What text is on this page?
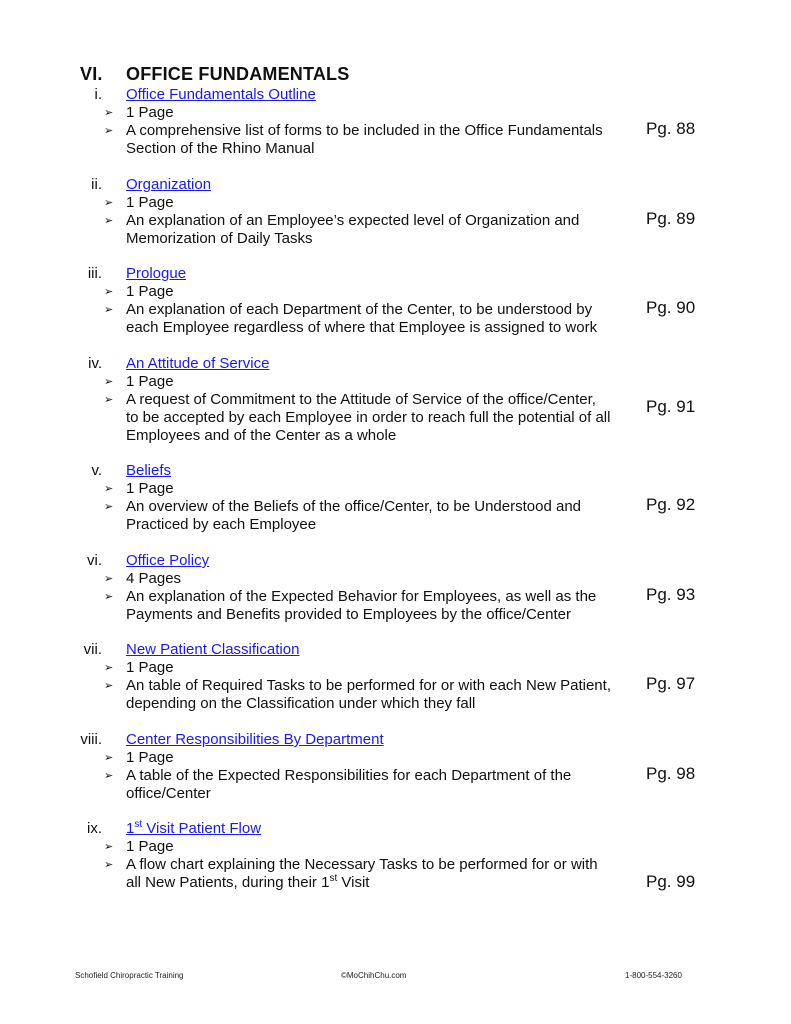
VI. OFFICE FUNDAMENTALS
i. Office Fundamentals Outline
➢ 1 Page
➢ A comprehensive list of forms to be included in the Office Fundamentals
Section of the Rhino Manual
Pg. 88
ii. Organization
➢ 1 Page
➢ An explanation of an Employee’s expected level of Organization and
Memorization of Daily Tasks
Pg. 89
iii. Prologue
➢ 1 Page
➢ An explanation of each Department of the Center, to be understood by
each Employee regardless of where that Employee is assigned to work
Pg. 90
iv. An Attitude of Service
➢ 1 Page
➢ A request of Commitment to the Attitude of Service of the office/Center,
to be accepted by each Employee in order to reach full the potential of all
Employees and of the Center as a whole
Pg. 91
v. Beliefs
➢ 1 Page
➢ An overview of the Beliefs of the office/Center, to be Understood and
Practiced by each Employee
Pg. 92
vi. Office Policy
➢ 4 Pages
➢ An explanation of the Expected Behavior for Employees, as well as the
Payments and Benefits provided to Employees by the office/Center
Pg. 93
vii. New Patient Classification
➢ 1 Page
➢ An table of Required Tasks to be performed for or with each New Patient,
depending on the Classification under which they fall
Pg. 97
viii. Center Responsibilities By Department
➢ 1 Page
➢ A table of the Expected Responsibilities for each Department of the
office/Center
Pg. 98
ix. 1st Visit Patient Flow
➢ 1 Page
➢ A flow chart explaining the Necessary Tasks to be performed for or with
all New Patients, during their 1st Visit	Pg. 99
Schofield Chiropractic Training	©MoChihChu.com	1-800-554-3260
